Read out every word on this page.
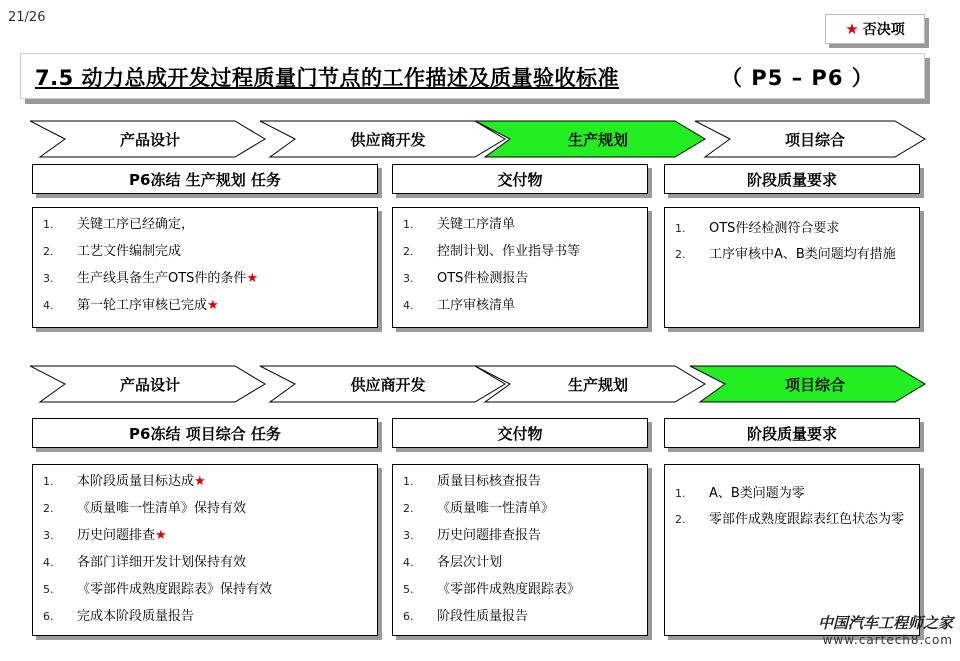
21/26
★ 否决项
7.5 动力总成开发过程质量门节点的工作描述及质量验收标准	（ P5 – P6 ）
产品设计	供应商开发	生产规划	项目综合
P6冻结 生产规划 任务	交付物	阶段质量要求
1.	关键工序已经确定，
2.	工艺文件编制完成
3.	生产线具备生产OTS件的条件★
4.	第一轮工序审核已完成★
1.	关键工序清单
2.	控制计划、作业指导书等
3.	OTS件检测报告
4.	工序审核清单
1.	OTS件经检测符合要求
2.	工序审核中A、B类问题均有措施
产品设计	供应商开发	生产规划	项目综合
P6冻结 项目综合 任务	交付物	阶段质量要求
1.	本阶段质量目标达成★
2.	《质量唯一性清单》保持有效
3.	历史问题排查★
4.	各部门详细开发计划保持有效
5.	《零部件成熟度跟踪表》保持有效
6.	完成本阶段质量报告
1.	质量目标核查报告
2.	《质量唯一性清单》
3.	历史问题排查报告
4.	各层次计划
5.	《零部件成熟度跟踪表》
6.	阶段性质量报告
1.	A、B类问题为零
2.	零部件成熟度跟踪表红色状态为零
中国汽车工程师之家
www.cartech8.com
